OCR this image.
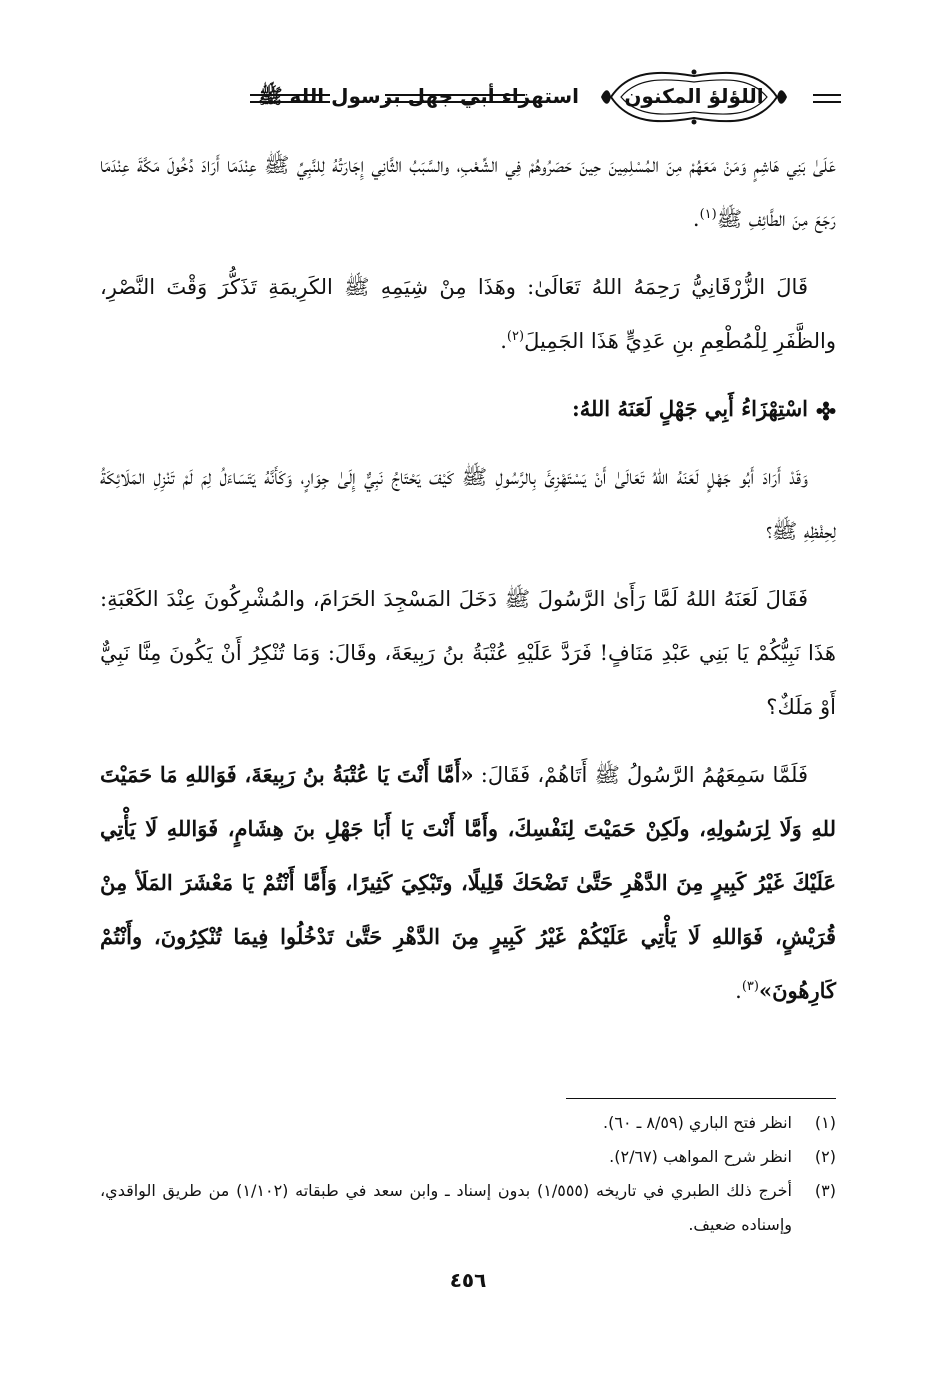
اللؤلؤ المكنون
استهزاء أبي جهل برسول الله ﷺ

عَلَىٰ بَنِي هَاشِمٍ وَمَنْ مَعَهُمْ مِنَ المُسْلِمِينَ حِينَ حَصَرُوهُمْ فِي الشِّعْبِ، والسَّبَبُ الثَّانِي إِجَارَتُهُ لِلنَّبِيِّ ﷺ عِنْدَمَا أَرَادَ دُخُولَ مَكَّةَ عِنْدَمَا رَجَعَ مِنَ الطَّائِفِ ﷺ$^{(١)}$.

قَالَ الزُّرْقَانِيُّ رَحِمَهُ اللهُ تَعَالَىٰ: وهَذَا مِنْ شِيَمِهِ ﷺ الكَرِيمَةِ تَذَكُّرَ وَقْتَ النَّصْرِ، والظَّفَرِ لِلْمُطْعِمِ بنِ عَدِيٍّ هَذَا الجَمِيلَ$^{(٢)}$.

اسْتِهْزَاءُ أَبِي جَهْلٍ لَعَنَهُ اللهُ:

وَقَدْ أَرَادَ أَبُو جَهْلٍ لَعَنَهُ اللهُ تَعَالَىٰ أَنْ يَسْتَهْزِئَ بِالرَّسُولِ ﷺ كَيْفَ يَحْتَاجُ نَبِيٌّ إِلَىٰ جِوَارٍ، وَكَأَنَّهُ يَتَسَاءَلُ لِمَ لَمْ تَنْزِلِ المَلَائِكَةُ لِحِفْظِهِ ﷺ؟

فَقَالَ لَعَنَهُ اللهُ لَمَّا رَأَىٰ الرَّسُولَ ﷺ دَخَلَ المَسْجِدَ الحَرَامَ، والمُشْرِكُونَ عِنْدَ الكَعْبَةِ: هَذَا نَبِيُّكُمْ يَا بَنِي عَبْدِ مَنَافٍ! فَرَدَّ عَلَيْهِ عُتْبَةُ بنُ رَبِيعَةَ، وقَالَ: وَمَا تُنْكِرُ أَنْ يَكُونَ مِنَّا نَبِيٌّ أَوْ مَلَكٌ؟

فَلَمَّا سَمِعَهُمُ الرَّسُولُ ﷺ أَتَاهُمْ، فَقَالَ: «أَمَّا أَنْتَ يَا عُتْبَةُ بنُ رَبِيعَةَ، فَوَاللهِ مَا حَمَيْتَ للهِ وَلَا لِرَسُولِهِ، ولَكِنْ حَمَيْتَ لِنَفْسِكَ، وأَمَّا أَنْتَ يَا أَبَا جَهْلِ بنَ هِشَامٍ، فَوَاللهِ لَا يَأْتِي عَلَيْكَ غَيْرُ كَبِيرٍ مِنَ الدَّهْرِ حَتَّىٰ تَضْحَكَ قَلِيلًا، وتَبْكِيَ كَثِيرًا، وَأَمَّا أَنْتُمْ يَا مَعْشَرَ المَلَأ مِنْ قُرَيْشٍ، فَوَاللهِ لَا يَأْتِي عَلَيْكُمْ غَيْرُ كَبِيرٍ مِنَ الدَّهْرِ حَتَّىٰ تَدْخُلُوا فِيمَا تُنْكِرُونَ، وأَنْتُمْ كَارِهُونَ»$^{(٣)}$.

(١)
انظر فتح الباري (٨/٥٩ ـ ٦٠).
(٢)
انظر شرح المواهب (٢/٦٧).
(٣)
أخرج ذلك الطبري في تاريخه (١/٥٥٥) بدون إسناد ـ وابن سعد في طبقاته (١/١٠٢) من طريق الواقدي، وإسناده ضعيف.
٤٥٦
